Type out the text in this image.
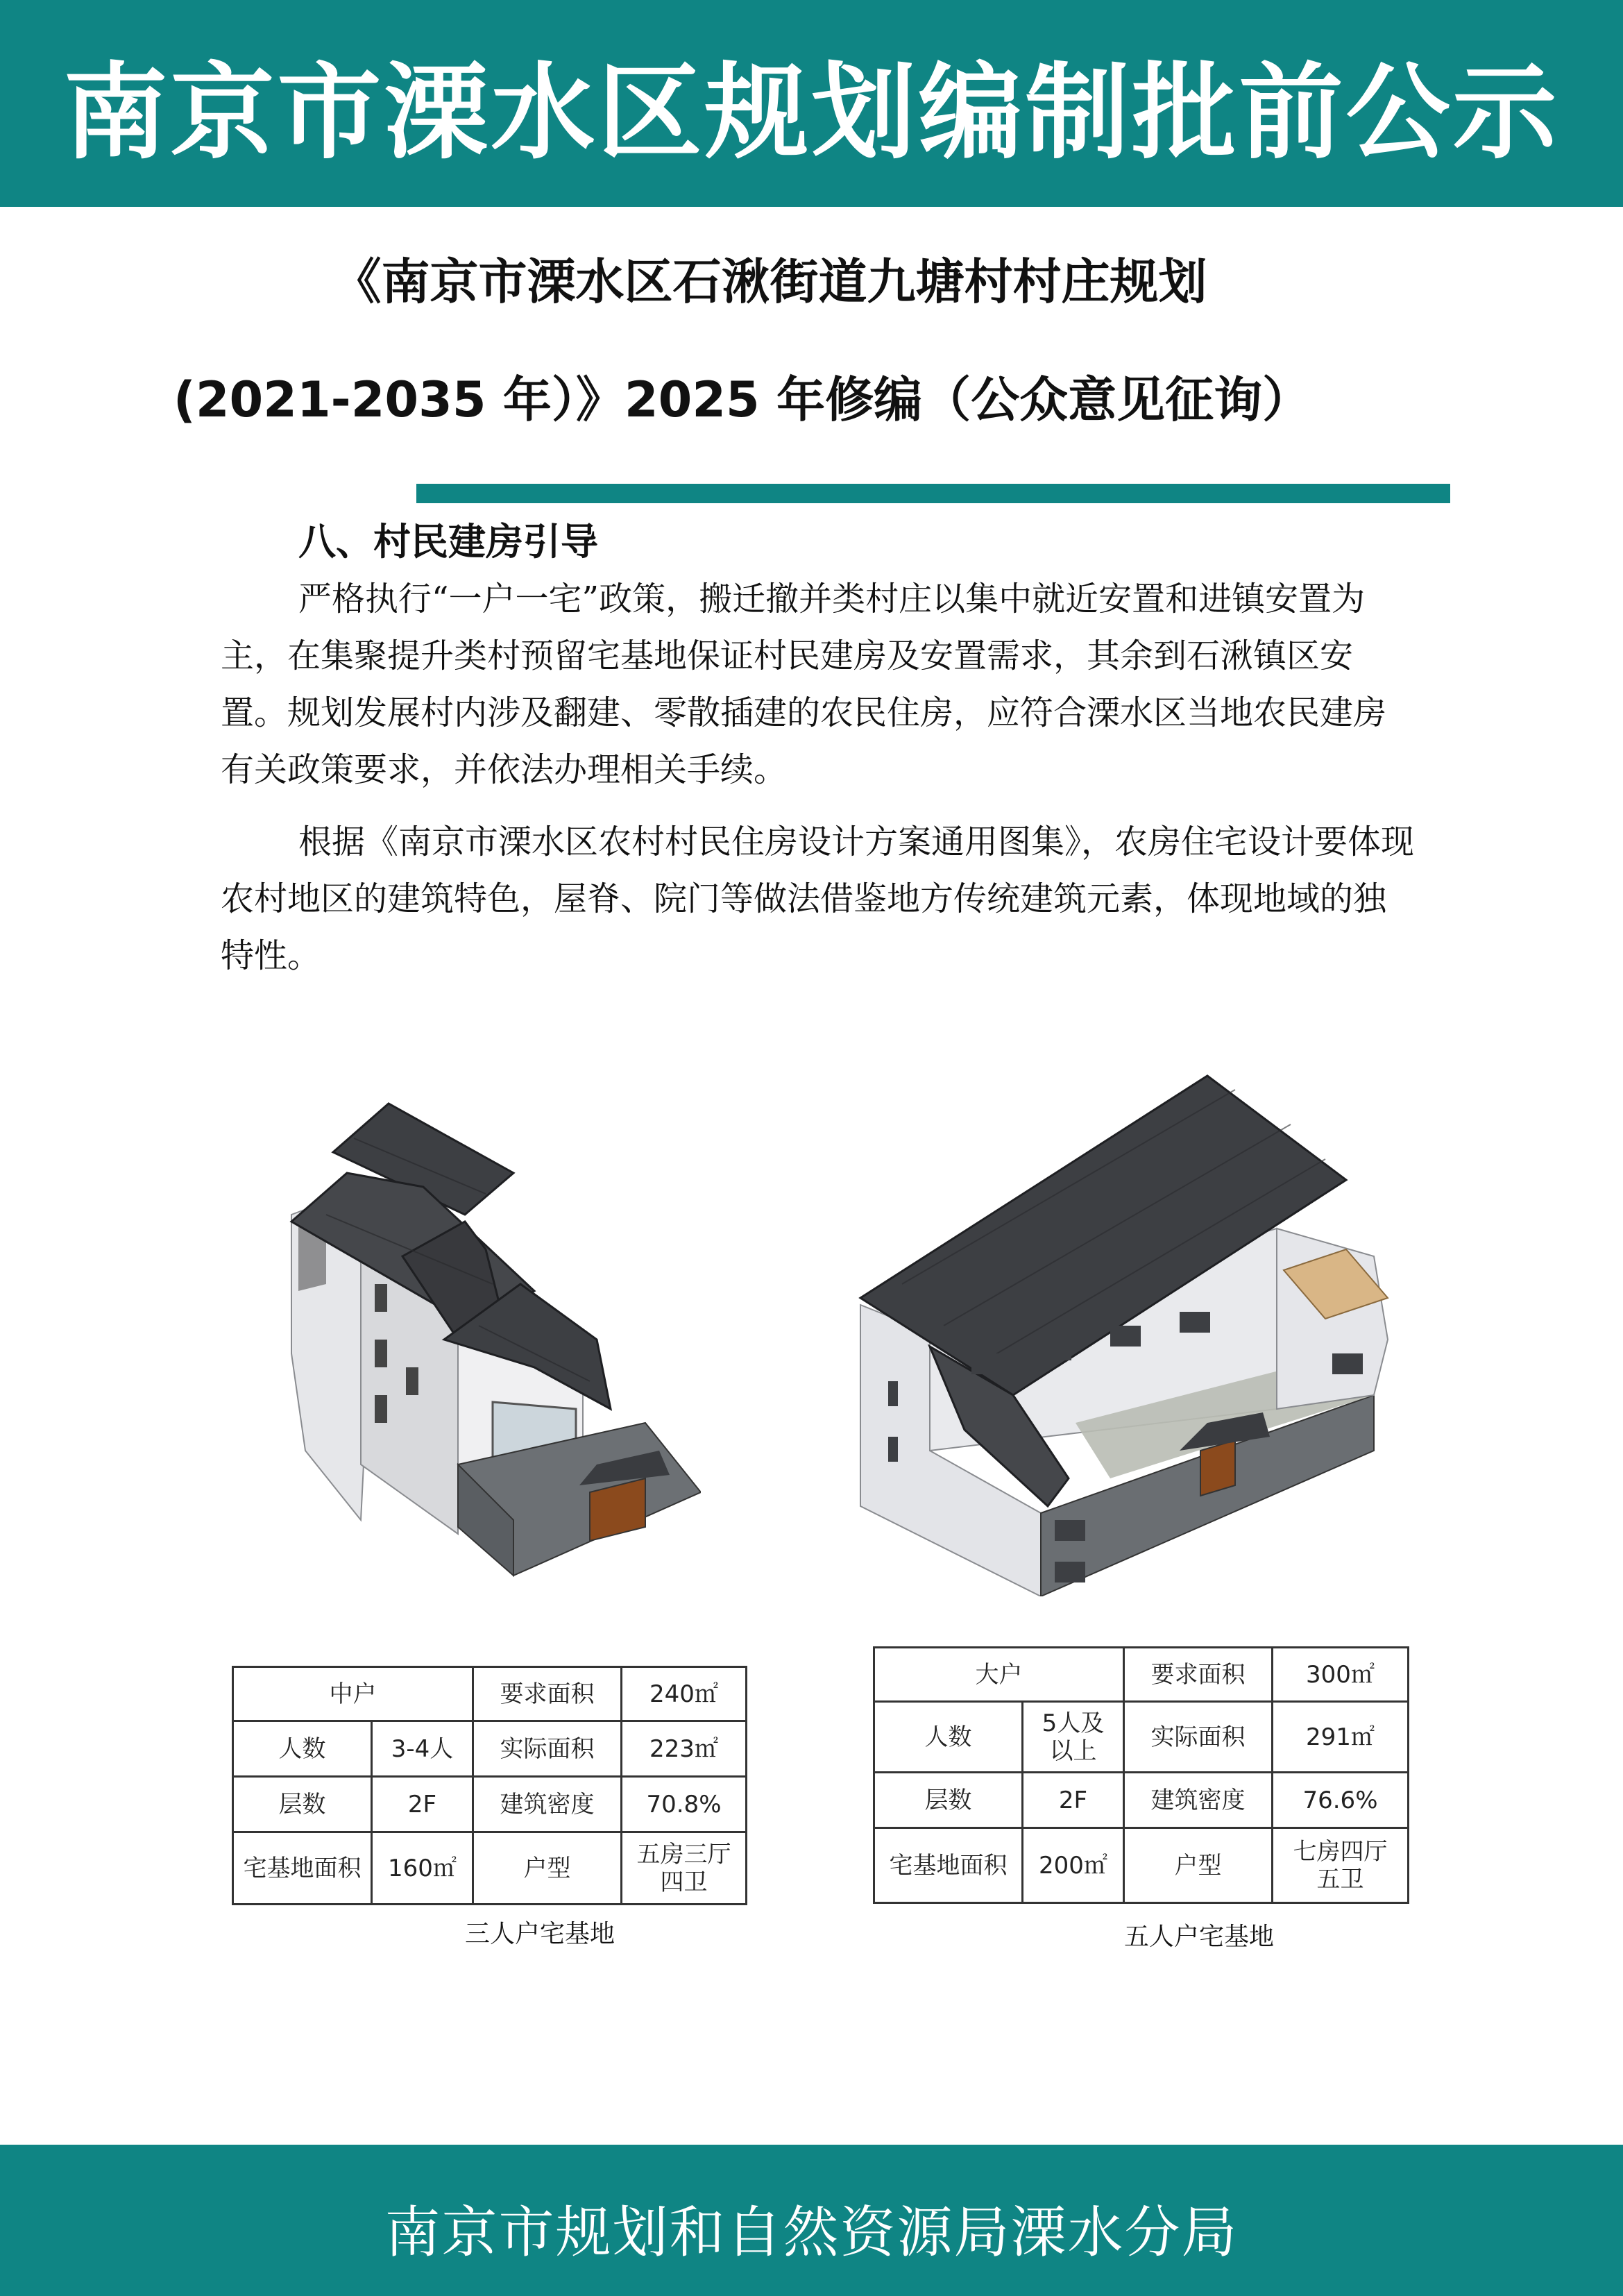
南京市溧水区规划编制批前公示
《南京市溧水区石湫街道九塘村村庄规划
(2021-2035 年）》2025 年修编（公众意见征询）
八、村民建房引导

严格执行“一户一宅”政策，搬迁撤并类村庄以集中就近安置和进镇安置为主，在集聚提升类村预留宅基地保证村民建房及安置需求，其余到石湫镇区安置。规划发展村内涉及翻建、零散插建的农民住房，应符合溧水区当地农民建房有关政策要求，并依法办理相关手续。

根据《南京市溧水区农村村民住房设计方案通用图集》，农房住宅设计要体现农村地区的建筑特色，屋脊、院门等做法借鉴地方传统建筑元素，体现地域的独特性。

中户		要求面积	240㎡
人数	3-4人	实际面积	223㎡
层数	2F	建筑密度	70.8%
宅基地面积	160㎡	户型	五房三厅
四卫
三人户宅基地
大户		要求面积	300㎡
人数	5人及
以上	实际面积	291㎡
层数	2F	建筑密度	76.6%
宅基地面积	200㎡	户型	七房四厅
五卫
五人户宅基地
南京市规划和自然资源局溧水分局
